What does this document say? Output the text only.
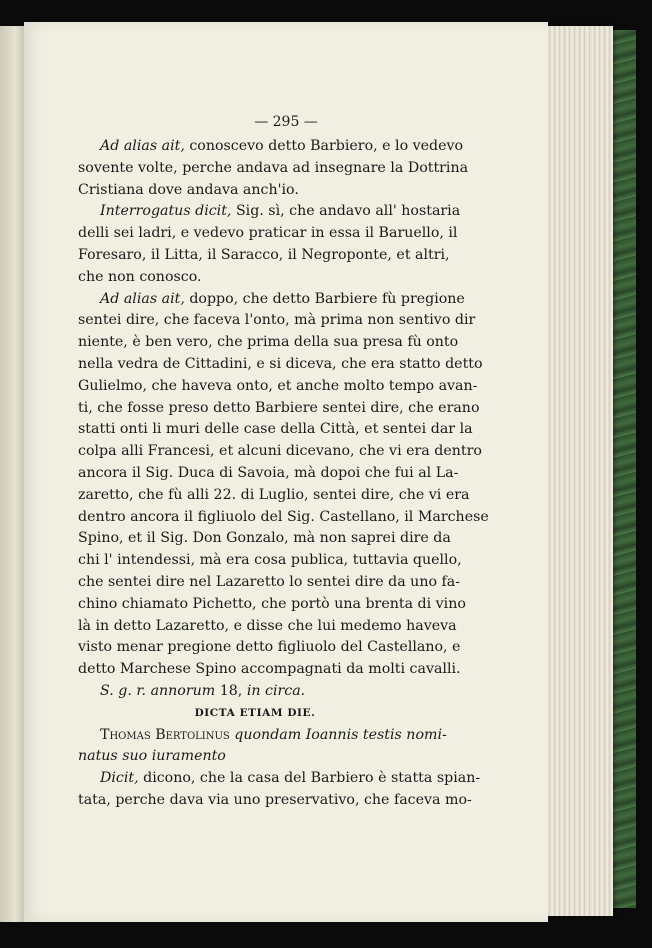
— 295 —
Ad alias ait, conoscevo detto Barbiero, e lo vedevo
sovente volte, perche andava ad insegnare la Dottrina
Cristiana dove andava anch'io.
Interrogatus dicit, Sig. sì, che andavo all' hostaria
delli sei ladri, e vedevo praticar in essa il Baruello, il
Foresaro, il Litta, il Saracco, il Negroponte, et altri,
che non conosco.
Ad alias ait, doppo, che detto Barbiere fù pregione
sentei dire, che faceva l'onto, mà prima non sentivo dir
niente, è ben vero, che prima della sua presa fù onto
nella vedra de Cittadini, e si diceva, che era statto detto
Gulielmo, che haveva onto, et anche molto tempo avan-
ti, che fosse preso detto Barbiere sentei dire, che erano
statti onti li muri delle case della Città, et sentei dar la
colpa alli Francesi, et alcuni dicevano, che vi era dentro
ancora il Sig. Duca di Savoia, mà dopoi che fui al La-
zaretto, che fù alli 22. di Luglio, sentei dire, che vi era
dentro ancora il figliuolo del Sig. Castellano, il Marchese
Spino, et il Sig. Don Gonzalo, mà non saprei dire da
chi l' intendessi, mà era cosa publica, tuttavia quello,
che sentei dire nel Lazaretto lo sentei dire da uno fa-
chino chiamato Pichetto, che portò una brenta di vino
là in detto Lazaretto, e disse che lui medemo haveva
visto menar pregione detto figliuolo del Castellano, e
detto Marchese Spino accompagnati da molti cavalli.
S. g. r. annorum 18, in circa.
DICTA ETIAM DIE.
Thomas Bertolinus quondam Ioannis testis nomi-
natus suo iuramento
Dicit, dicono, che la casa del Barbiero è statta spian-
tata, perche dava via uno preservativo, che faceva mo-
